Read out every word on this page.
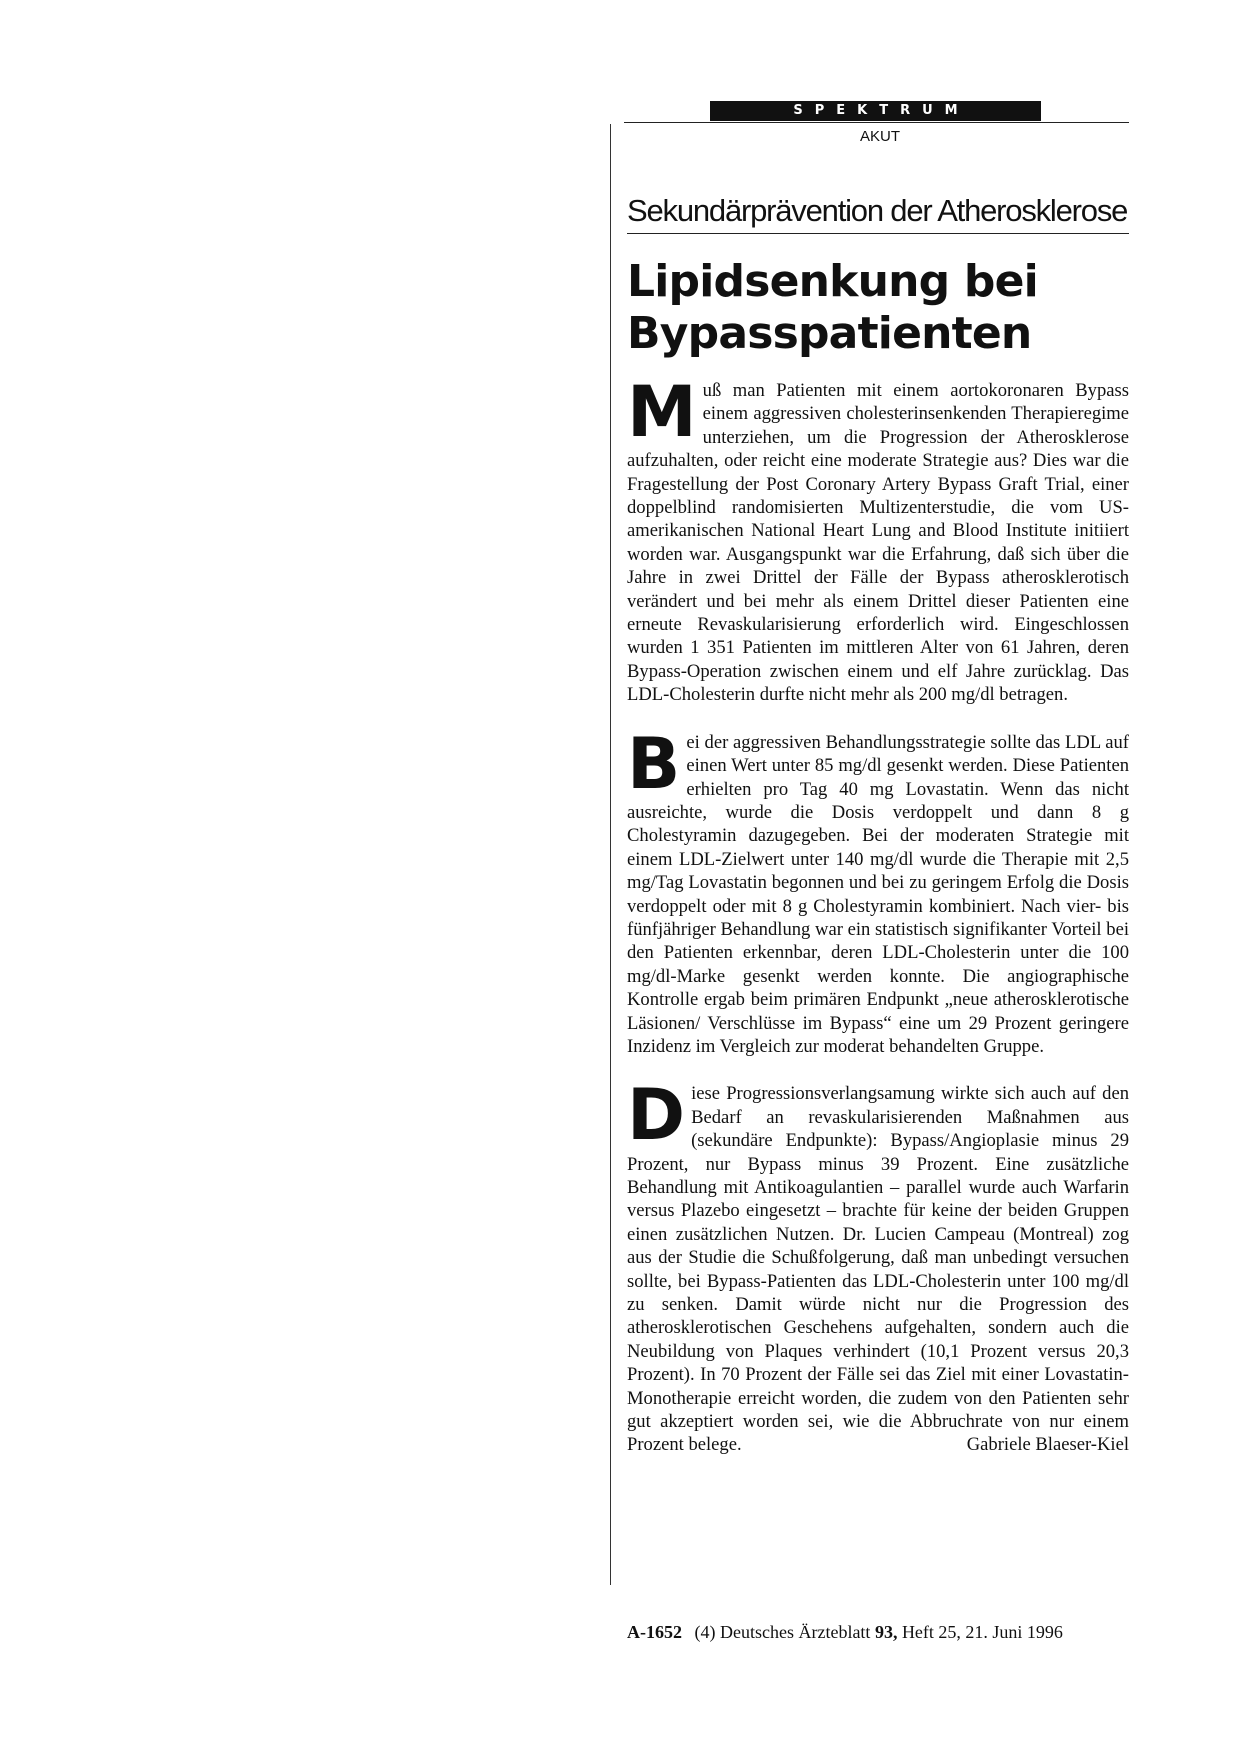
SPEKTRUM
AKUT
Sekundärprävention der Atherosklerose
Lipidsenkung bei Bypasspatienten

Muß man Patienten mit einem aortokoronaren Bypass einem aggressiven cholesterinsenkenden Therapieregime unterziehen, um die Progression der Atherosklerose aufzuhalten, oder reicht eine moderate Strategie aus? Dies war die Fragestellung der Post Coronary Artery Bypass Graft Trial, einer doppelblind randomisierten Multizenterstudie, die vom US-amerikanischen National Heart Lung and Blood Institute initiiert worden war. Ausgangspunkt war die Erfahrung, daß sich über die Jahre in zwei Drittel der Fälle der Bypass atherosklerotisch verändert und bei mehr als einem Drittel dieser Patienten eine erneute Revaskularisierung erforderlich wird. Eingeschlossen wurden 1 351 Patienten im mittleren Alter von 61 Jahren, deren Bypass-Operation zwischen einem und elf Jahre zurücklag. Das LDL-Cholesterin durfte nicht mehr als 200 mg/dl betragen.

Bei der aggressiven Behandlungsstrategie sollte das LDL auf einen Wert unter 85 mg/dl gesenkt werden. Diese Patienten erhielten pro Tag 40 mg Lovastatin. Wenn das nicht ausreichte, wurde die Dosis verdoppelt und dann 8 g Cholestyramin dazugegeben. Bei der moderaten Strategie mit einem LDL-Zielwert unter 140 mg/dl wurde die Therapie mit 2,5 mg/Tag Lovastatin begonnen und bei zu geringem Erfolg die Dosis verdoppelt oder mit 8 g Cholestyramin kombiniert. Nach vier- bis fünfjähriger Behandlung war ein statistisch signifikanter Vorteil bei den Patienten erkennbar, deren LDL-Cholesterin unter die 100 mg/dl-Marke gesenkt werden konnte. Die angiographische Kontrolle ergab beim primären Endpunkt „neue atherosklerotische Läsionen/ Verschlüsse im Bypass“ eine um 29 Prozent geringere Inzidenz im Vergleich zur moderat behandelten Gruppe.

Diese Progressionsverlangsamung wirkte sich auch auf den Bedarf an revaskularisierenden Maßnahmen aus (sekundäre Endpunkte): Bypass/Angioplasie minus 29 Prozent, nur Bypass minus 39 Prozent. Eine zusätzliche Behandlung mit Antikoagulantien – parallel wurde auch Warfarin versus Plazebo eingesetzt – brachte für keine der beiden Gruppen einen zusätzlichen Nutzen. Dr. Lucien Campeau (Montreal) zog aus der Studie die Schußfolgerung, daß man unbedingt versuchen sollte, bei Bypass-Patienten das LDL-Cholesterin unter 100 mg/dl zu senken. Damit würde nicht nur die Progression des atherosklerotischen Geschehens aufgehalten, sondern auch die Neubildung von Plaques verhindert (10,1 Prozent versus 20,3 Prozent). In 70 Prozent der Fälle sei das Ziel mit einer Lovastatin-Monotherapie erreicht worden, die zudem von den Patienten sehr gut akzeptiert worden sei, wie die Abbruchrate von nur einem Prozent belege.	Gabriele Blaeser-Kiel

A-1652 (4) Deutsches Ärzteblatt 93, Heft 25, 21. Juni 1996
